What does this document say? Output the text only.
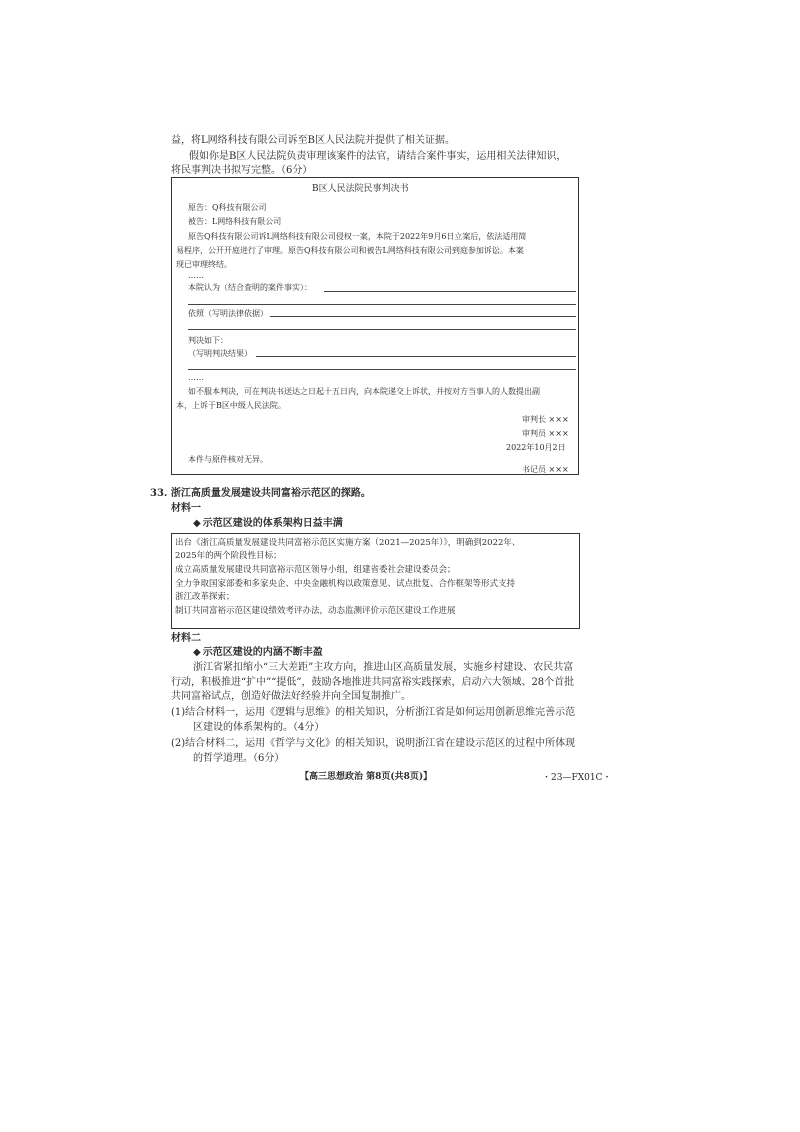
益，将L网络科技有限公司诉至B区人民法院并提供了相关证据。
假如你是B区人民法院负责审理该案件的法官，请结合案件事实，运用相关法律知识，
将民事判决书拟写完整。（6分）
B区人民法院民事判决书
原告：Q科技有限公司
被告：L网络科技有限公司
原告Q科技有限公司诉L网络科技有限公司侵权一案，本院于2022年9月6日立案后，依法适用简
易程序，公开开庭进行了审理。原告Q科技有限公司和被告L网络科技有限公司到庭参加诉讼。本案
现已审理终结。
……
本院认为（结合查明的案件事实）：
依照（写明法律依据）
判决如下：
（写明判决结果）
……
如不服本判决，可在判决书送达之日起十五日内，向本院递交上诉状，并按对方当事人的人数提出副
本，上诉于B区中级人民法院。
审判长 ×××
审判员 ×××
2022年10月2日
本件与原件核对无异。
书记员 ×××
33. 浙江高质量发展建设共同富裕示范区的探路。
材料一
◆ 示范区建设的体系架构日益丰满
出台《浙江高质量发展建设共同富裕示范区实施方案（2021—2025年）》，明确到2022年、
2025年的两个阶段性目标；
成立高质量发展建设共同富裕示范区领导小组，组建省委社会建设委员会；
全力争取国家部委和多家央企、中央金融机构以政策意见、试点批复、合作框架等形式支持
浙江改革探索；
制订共同富裕示范区建设绩效考评办法，动态监测评价示范区建设工作进展
材料二
◆ 示范区建设的内涵不断丰盈
浙江省紧扣缩小“三大差距”主攻方向，推进山区高质量发展，实施乡村建设、农民共富
行动，积极推进“扩中”“提低”，鼓励各地推进共同富裕实践探索，启动六大领域、28个首批
共同富裕试点，创造好做法好经验并向全国复制推广。
(1)结合材料一，运用《逻辑与思维》的相关知识，分析浙江省是如何运用创新思维完善示范
区建设的体系架构的。（4分）
(2)结合材料二，运用《哲学与文化》的相关知识，说明浙江省在建设示范区的过程中所体现
的哲学道理。（6分）
【高三思想政治 第8页(共8页)】	・23—FX01C・
